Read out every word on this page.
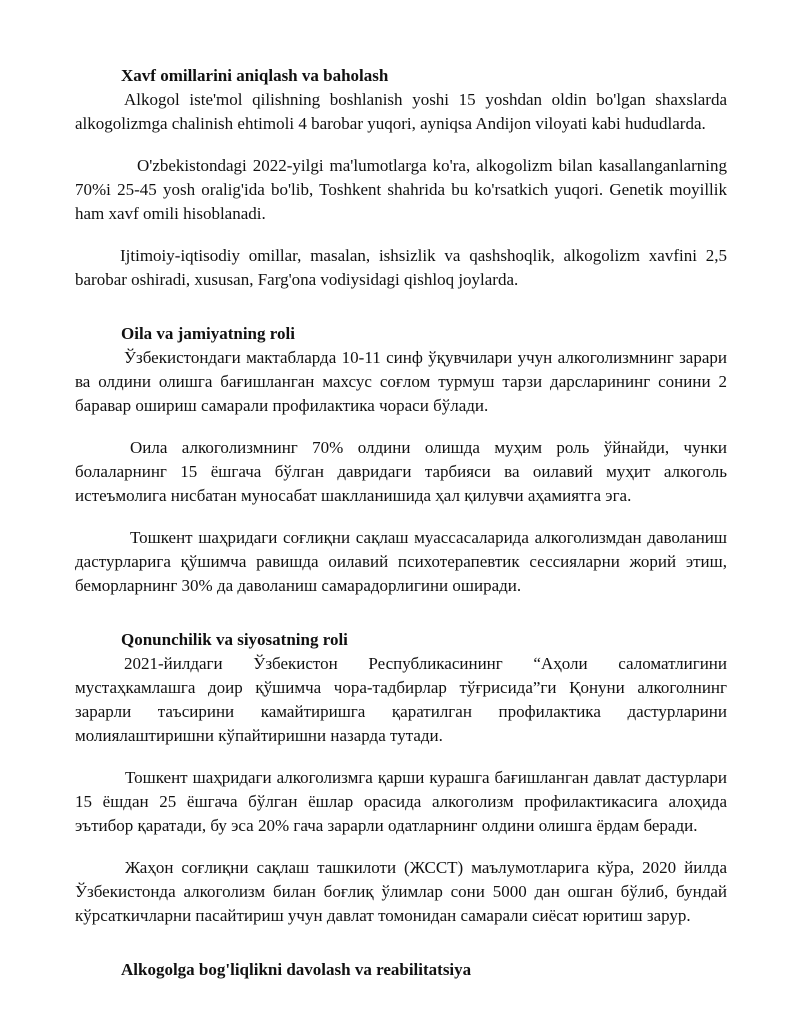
Xavf omillarini aniqlash va baholash

Alkogol iste'mol qilishning boshlanish yoshi 15 yoshdan oldin bo'lgan shaxslarda alkogolizmga chalinish ehtimoli 4 barobar yuqori, ayniqsa Andijon viloyati kabi hududlarda.

O'zbekistondagi 2022-yilgi ma'lumotlarga ko'ra, alkogolizm bilan kasallanganlarning 70%i 25-45 yosh oralig'ida bo'lib, Toshkent shahrida bu ko'rsatkich yuqori. Genetik moyillik ham xavf omili hisoblanadi.

Ijtimoiy-iqtisodiy omillar, masalan, ishsizlik va qashshoqlik, alkogolizm xavfini 2,5 barobar oshiradi, xususan, Farg'ona vodiysidagi qishloq joylarda.

Oila va jamiyatning roli

Ўзбекистондаги мактабларда 10-11 синф ўқувчилари учун алкоголизмнинг зарари ва олдини олишга бағишланган махсус соғлом турмуш тарзи дарсларининг сонини 2 баравар ошириш самарали профилактика чораси бўлади.

Оила алкоголизмнинг 70% олдини олишда муҳим роль ўйнайди, чунки болаларнинг 15 ёшгача бўлган давридаги тарбияси ва оилавий муҳит алкоголь истеъмолига нисбатан муносабат шаклланишида ҳал қилувчи аҳамиятга эга.

Тошкент шаҳридаги соғлиқни сақлаш муассасаларида алкоголизмдан даволаниш дастурларига қўшимча равишда оилавий психотерапевтик сессияларни жорий этиш, беморларнинг 30% да даволаниш самарадорлигини оширади.

Qonunchilik va siyosatning roli

2021-йилдаги Ўзбекистон Республикасининг “Аҳоли саломатлигини мустаҳкамлашга доир қўшимча чора-тадбирлар тўғрисида”ги Қонуни алкоголнинг зарарли таъсирини камайтиришга қаратилган профилактика дастурларини молиялаштиришни кўпайтиришни назарда тутади.

Тошкент шаҳридаги алкоголизмга қарши курашга бағишланган давлат дастурлари 15 ёшдан 25 ёшгача бўлган ёшлар орасида алкоголизм профилактикасига алоҳида эътибор қаратади, бу эса 20% гача зарарли одатларнинг олдини олишга ёрдам беради.

Жаҳон соғлиқни сақлаш ташкилоти (ЖССТ) маълумотларига кўра, 2020 йилда Ўзбекистонда алкоголизм билан боғлиқ ўлимлар сони 5000 дан ошган бўлиб, бундай кўрсаткичларни пасайтириш учун давлат томонидан самарали сиёсат юритиш зарур.

Alkogolga bog'liqlikni davolash va reabilitatsiya
